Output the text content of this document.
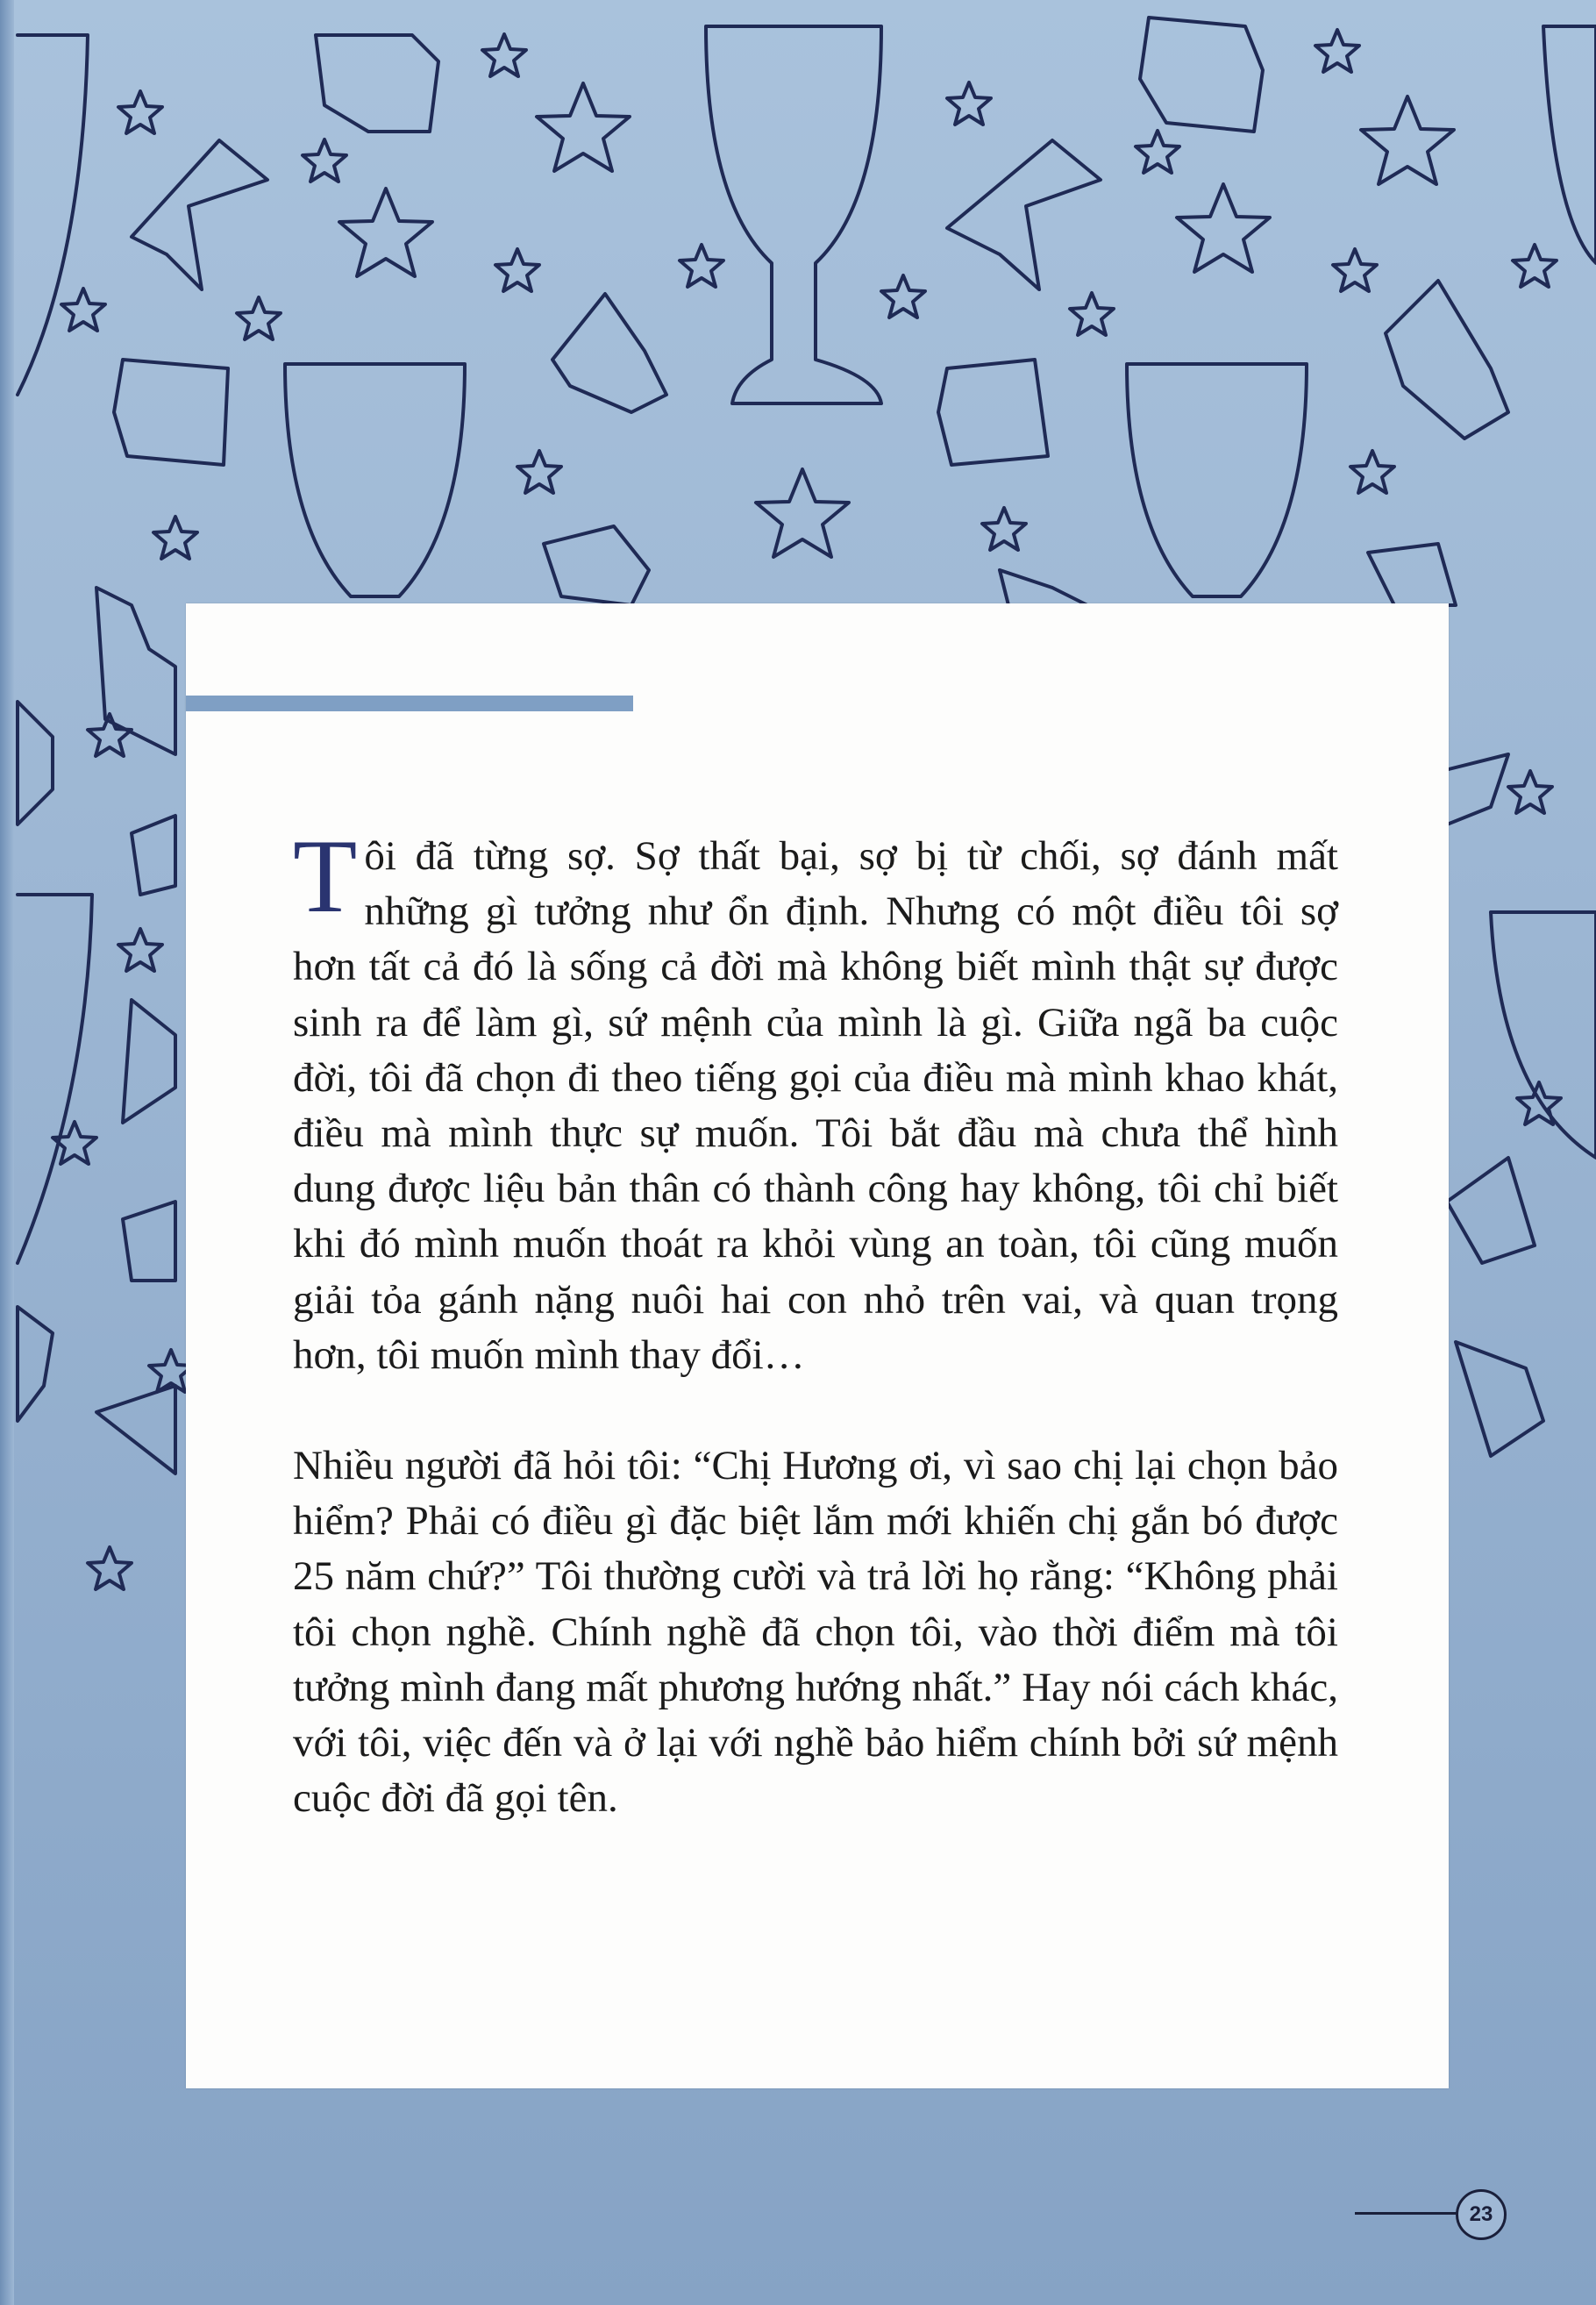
Tôi đã từng sợ. Sợ thất bại, sợ bị từ chối, sợ đánh mất những gì tưởng như ổn định. Nhưng có một điều tôi sợ hơn tất cả đó là sống cả đời mà không biết mình thật sự được sinh ra để làm gì, sứ mệnh của mình là gì. Giữa ngã ba cuộc đời, tôi đã chọn đi theo tiếng gọi của điều mà mình khao khát, điều mà mình thực sự muốn. Tôi bắt đầu mà chưa thể hình dung được liệu bản thân có thành công hay không, tôi chỉ biết khi đó mình muốn thoát ra khỏi vùng an toàn, tôi cũng muốn giải tỏa gánh nặng nuôi hai con nhỏ trên vai, và quan trọng hơn, tôi muốn mình thay đổi…

Nhiều người đã hỏi tôi: “Chị Hương ơi, vì sao chị lại chọn bảo hiểm? Phải có điều gì đặc biệt lắm mới khiến chị gắn bó được 25 năm chứ?” Tôi thường cười và trả lời họ rằng: “Không phải tôi chọn nghề. Chính nghề đã chọn tôi, vào thời điểm mà tôi tưởng mình đang mất phương hướng nhất.” Hay nói cách khác, với tôi, việc đến và ở lại với nghề bảo hiểm chính bởi sứ mệnh cuộc đời đã gọi tên.

23
